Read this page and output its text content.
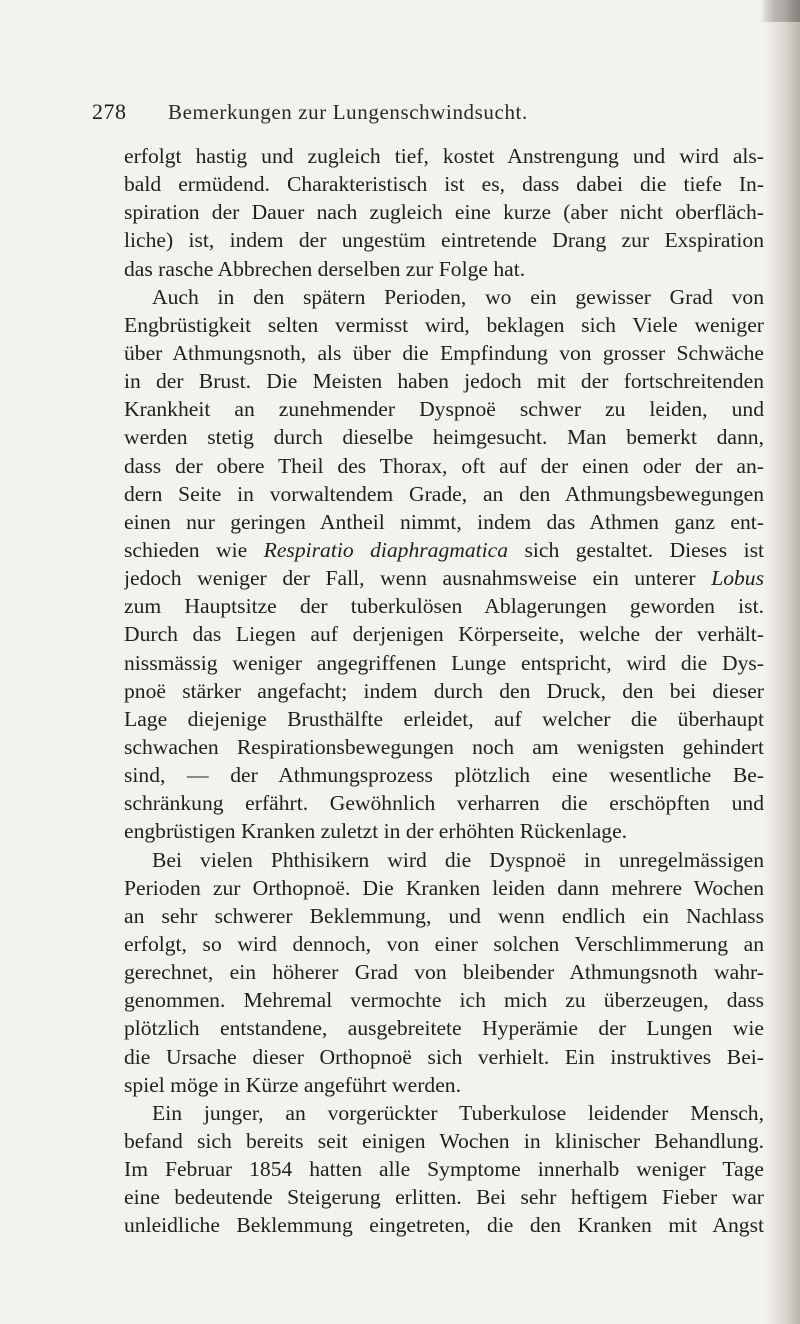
278 Bemerkungen zur Lungenschwindsucht.
erfolgt hastig und zugleich tief, kostet Anstrengung und wird als-
bald ermüdend. Charakteristisch ist es, dass dabei die tiefe In-
spiration der Dauer nach zugleich eine kurze (aber nicht oberfläch-
liche) ist, indem der ungestüm eintretende Drang zur Exspiration
das rasche Abbrechen derselben zur Folge hat.
Auch in den spätern Perioden, wo ein gewisser Grad von
Engbrüstigkeit selten vermisst wird, beklagen sich Viele weniger
über Athmungsnoth, als über die Empfindung von grosser Schwäche
in der Brust. Die Meisten haben jedoch mit der fortschreitenden
Krankheit an zunehmender Dyspnoë schwer zu leiden, und
werden stetig durch dieselbe heimgesucht. Man bemerkt dann,
dass der obere Theil des Thorax, oft auf der einen oder der an-
dern Seite in vorwaltendem Grade, an den Athmungsbewegungen
einen nur geringen Antheil nimmt, indem das Athmen ganz ent-
schieden wie Respiratio diaphragmatica sich gestaltet. Dieses ist
jedoch weniger der Fall, wenn ausnahmsweise ein unterer Lobus
zum Hauptsitze der tuberkulösen Ablagerungen geworden ist.
Durch das Liegen auf derjenigen Körperseite, welche der verhält-
nissmässig weniger angegriffenen Lunge entspricht, wird die Dys-
pnoë stärker angefacht; indem durch den Druck, den bei dieser
Lage diejenige Brusthälfte erleidet, auf welcher die überhaupt
schwachen Respirationsbewegungen noch am wenigsten gehindert
sind, — der Athmungsprozess plötzlich eine wesentliche Be-
schränkung erfährt. Gewöhnlich verharren die erschöpften und
engbrüstigen Kranken zuletzt in der erhöhten Rückenlage.
Bei vielen Phthisikern wird die Dyspnoë in unregelmässigen
Perioden zur Orthopnoë. Die Kranken leiden dann mehrere Wochen
an sehr schwerer Beklemmung, und wenn endlich ein Nachlass
erfolgt, so wird dennoch, von einer solchen Verschlimmerung an
gerechnet, ein höherer Grad von bleibender Athmungsnoth wahr-
genommen. Mehremal vermochte ich mich zu überzeugen, dass
plötzlich entstandene, ausgebreitete Hyperämie der Lungen wie
die Ursache dieser Orthopnoë sich verhielt. Ein instruktives Bei-
spiel möge in Kürze angeführt werden.
Ein junger, an vorgerückter Tuberkulose leidender Mensch,
befand sich bereits seit einigen Wochen in klinischer Behandlung.
Im Februar 1854 hatten alle Symptome innerhalb weniger Tage
eine bedeutende Steigerung erlitten. Bei sehr heftigem Fieber war
unleidliche Beklemmung eingetreten, die den Kranken mit Angst
